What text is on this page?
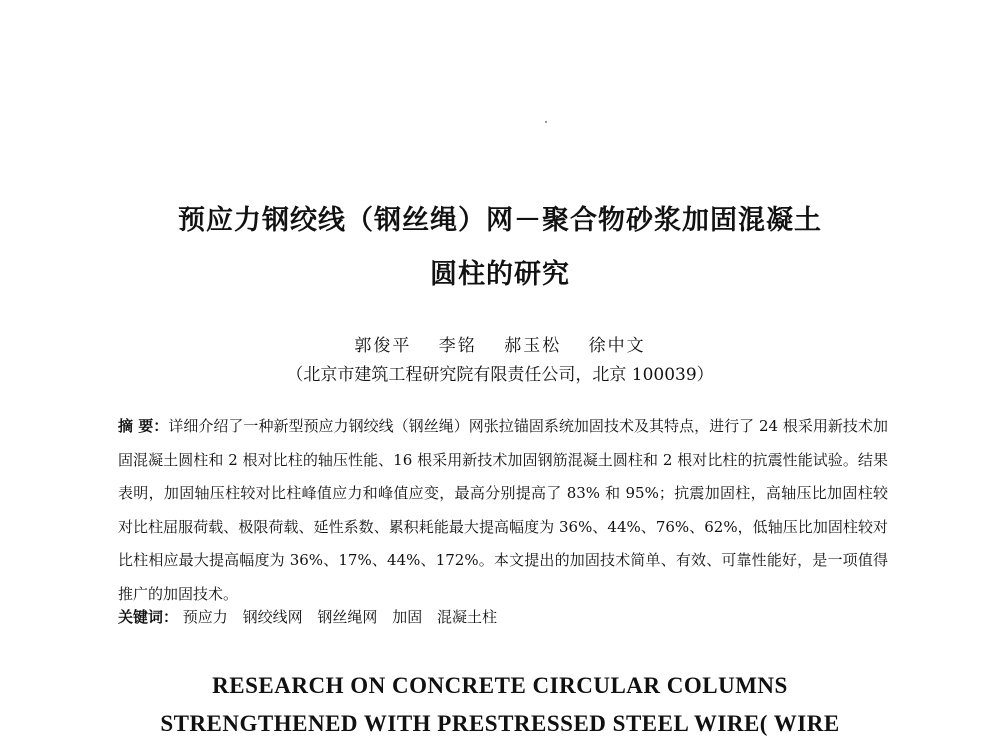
预应力钢绞线（钢丝绳）网－聚合物砂浆加固混凝土
圆柱的研究
郭俊平 李铭 郝玉松 徐中文
（北京市建筑工程研究院有限责任公司，北京 100039）
摘 要：详细介绍了一种新型预应力钢绞线（钢丝绳）网张拉锚固系统加固技术及其特点，进行了 24 根采用新技术加固混凝土圆柱和 2 根对比柱的轴压性能、16 根采用新技术加固钢筋混凝土圆柱和 2 根对比柱的抗震性能试验。结果表明，加固轴压柱较对比柱峰值应力和峰值应变，最高分别提高了 83% 和 95%；抗震加固柱，高轴压比加固柱较对比柱屈服荷载、极限荷载、延性系数、累积耗能最大提高幅度为 36%、44%、76%、62%，低轴压比加固柱较对比柱相应最大提高幅度为 36%、17%、44%、172%。本文提出的加固技术简单、有效、可靠性能好，是一项值得推广的加固技术。
关键词： 预应力 钢绞线网 钢丝绳网 加固 混凝土柱
RESEARCH ON CONCRETE CIRCULAR COLUMNS
STRENGTHENED WITH PRESTRESSED STEEL WIRE( WIRE
